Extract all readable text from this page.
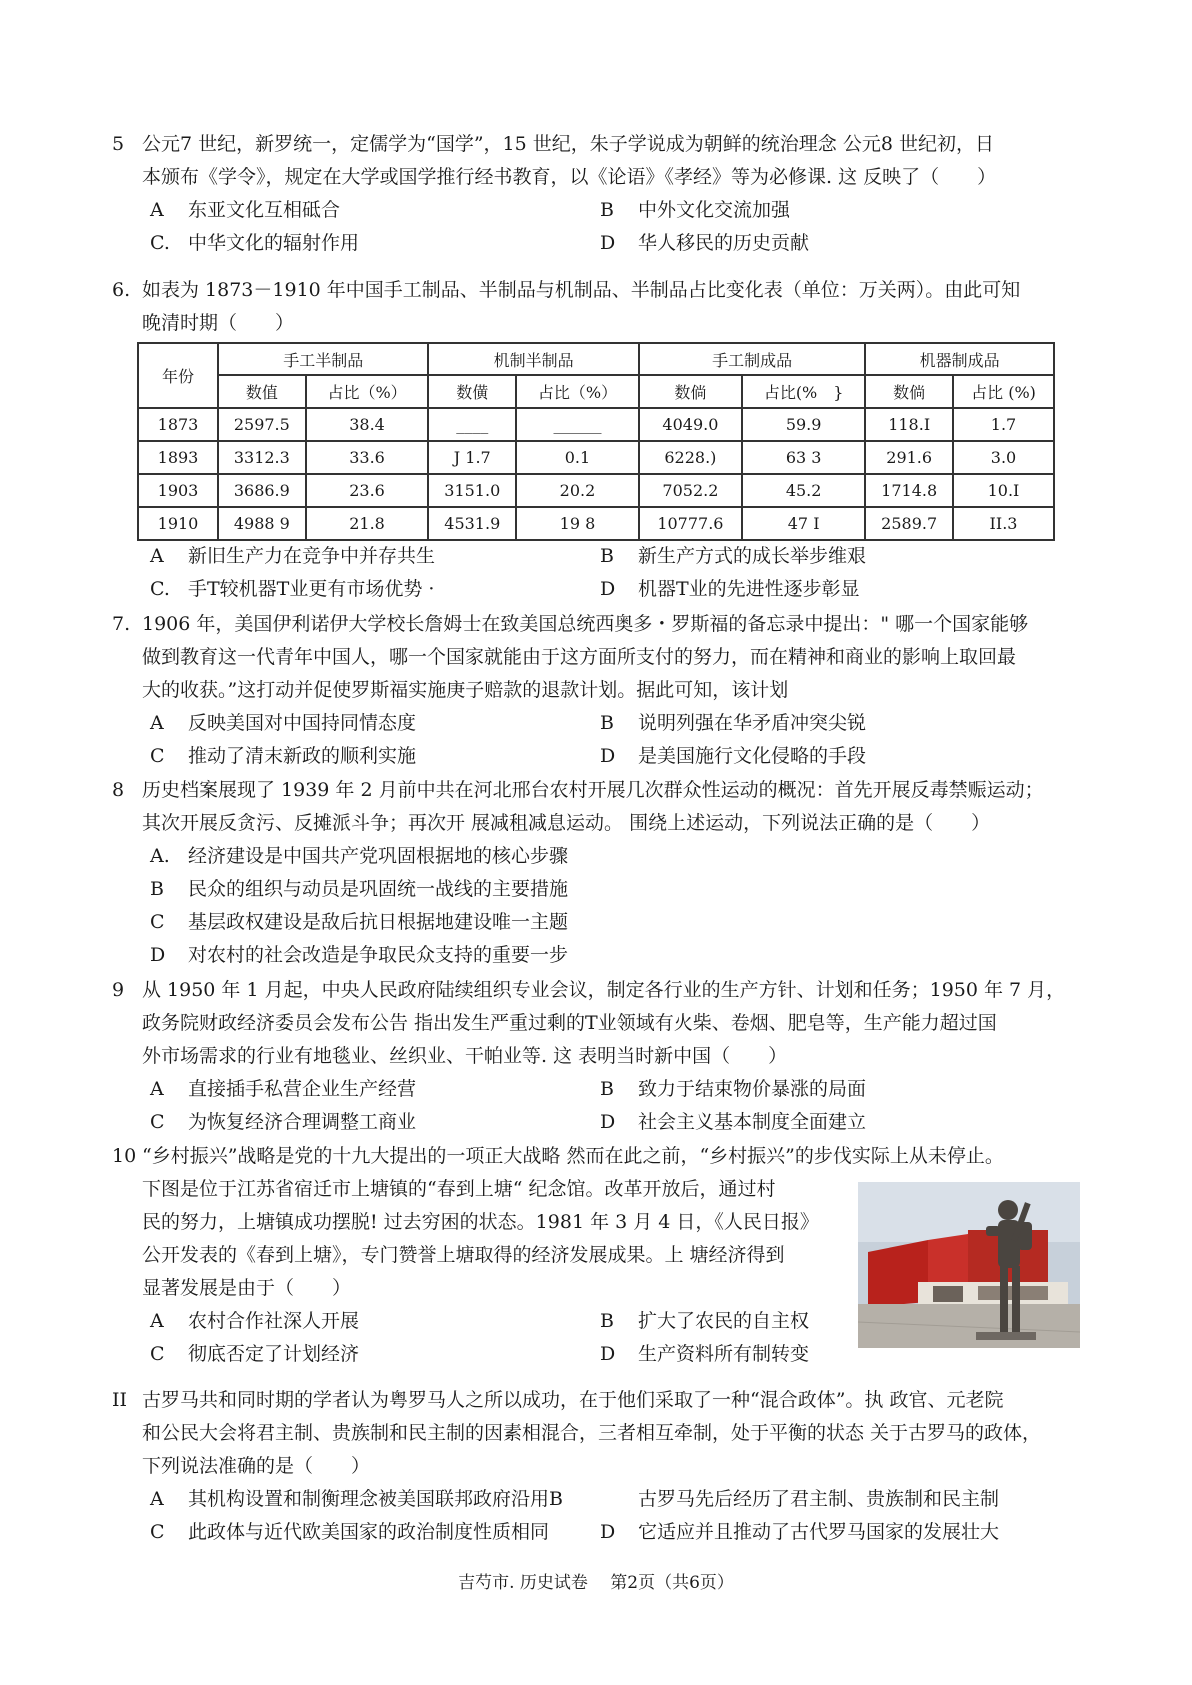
5 公元7 世纪，新罗统一，定儒学为“国学”，15 世纪，朱子学说成为朝鲜的统治理念 公元8 世纪初，日
本颁布《学令》，规定在大学或国学推行经书教育，以《论语》《孝经》等为必修课. 这 反映了（　　）
A	东亚文化互相砥合	B	中外文化交流加强
C. 中华文化的辐射作用	D	华人移民的历史贡献
6. 如表为 1873－1910 年中国手工制品、半制品与机制品、半制品占比变化表（单位：万关两）。由此可知
晚清时期（　　）
年份	手工半制品		机制半制品		手工制成品		机器制成品	
	数值	占比（%）	数僙	占比（%）	数倘	占比(%　}	数倘	占比 (%)
1873	2597.5	38.4	____	______	4049.0	59.9	118.I	1.7
1893	3312.3	33.6	J 1.7	0.1	6228.)	63 3	291.6	3.0
1903	3686.9	23.6	3151.0	20.2	7052.2	45.2	1714.8	10.I
1910	4988 9	21.8	4531.9	19 8	10777.6	47 I	2589.7	II.3
A	新旧生产力在竞争中并存共生	B	新生产方式的成长举步维艰
C. 手T较机器T业更有市场优势 ·	D	机器T业的先进性逐步彰显
7. 1906 年，美国伊利诺伊大学校长詹姆士在致美国总统西奥多・罗斯福的备忘录中提出：" 哪一个国家能够
做到教育这一代青年中国人，哪一个国家就能由于这方面所支付的努力，而在精神和商业的影响上取回最
大的收获。”这打动并促使罗斯福实施庚子赔款的退款计划。据此可知，该计划
A	反映美国对中国持同情态度	B	说明列强在华矛盾冲突尖锐
C	推动了清末新政的顺利实施	D	是美国施行文化侵略的手段
8 历史档案展现了 1939 年 2 月前中共在河北邢台农村开展几次群众性运动的概况：首先开展反毒禁赈运动；
其次开展反贪污、反摊派斗争；再次开 展减租减息运动。 围绕上述运动，下列说法正确的是（　　）
A. 经济建设是中国共产党巩固根据地的核心步骤
B	民众的组织与动员是巩固统一战线的主要措施
C	基层政权建设是敌后抗日根据地建设唯一主题
D	对农村的社会改造是争取民众支持的重要一步
9 从 1950 年 1 月起，中央人民政府陆续组织专业会议，制定各行业的生产方针、计划和任务；1950 年 7 月，
政务院财政经济委员会发布公告 指出发生严重过剩的T业领域有火柴、卷烟、肥皂等，生产能力超过国
外市场需求的行业有地毯业、丝织业、干帕业等. 这 表明当时新中国（　　）
A	直接插手私营企业生产经营	B	致力于结束物价暴涨的局面
C	为恢复经济合理调整工商业	D	社会主义基本制度全面建立
10 “乡村振兴”战略是党的十九大提出的一项正大战略 然而在此之前，“乡村振兴”的步伐实际上从未停止。
下图是位于江苏省宿迁市上塘镇的“春到上塘“ 纪念馆。改革开放后，通过村
民的努力，上塘镇成功摆脱! 过去穷困的状态。1981 年 3 月 4 日，《人民日报》
公开发表的《春到上塘》，专门赞誉上塘取得的经济发展成果。上 塘经济得到
显著发展是由于（　　）
A	农村合作社深人开展	B	扩大了农民的自主权
C	彻底否定了计划经济	D	生产资料所有制转变
II 古罗马共和同时期的学者认为粤罗马人之所以成功，在于他们采取了一种“混合政体”。执 政官、元老院
和公民大会将君主制、贵族制和民主制的因素相混合，三者相互牵制，处于平衡的状态 关于古罗马的政体，
下列说法准确的是（　　）
A	其机构设置和制衡理念被美国联邦政府沿用B	古罗马先后经历了君主制、贵族制和民主制
C	此政体与近代欧美国家的政治制度性质相同	D	它适应并且推动了古代罗马国家的发展壮大
吉芍市. 历史试卷　 第2页（共6页）
